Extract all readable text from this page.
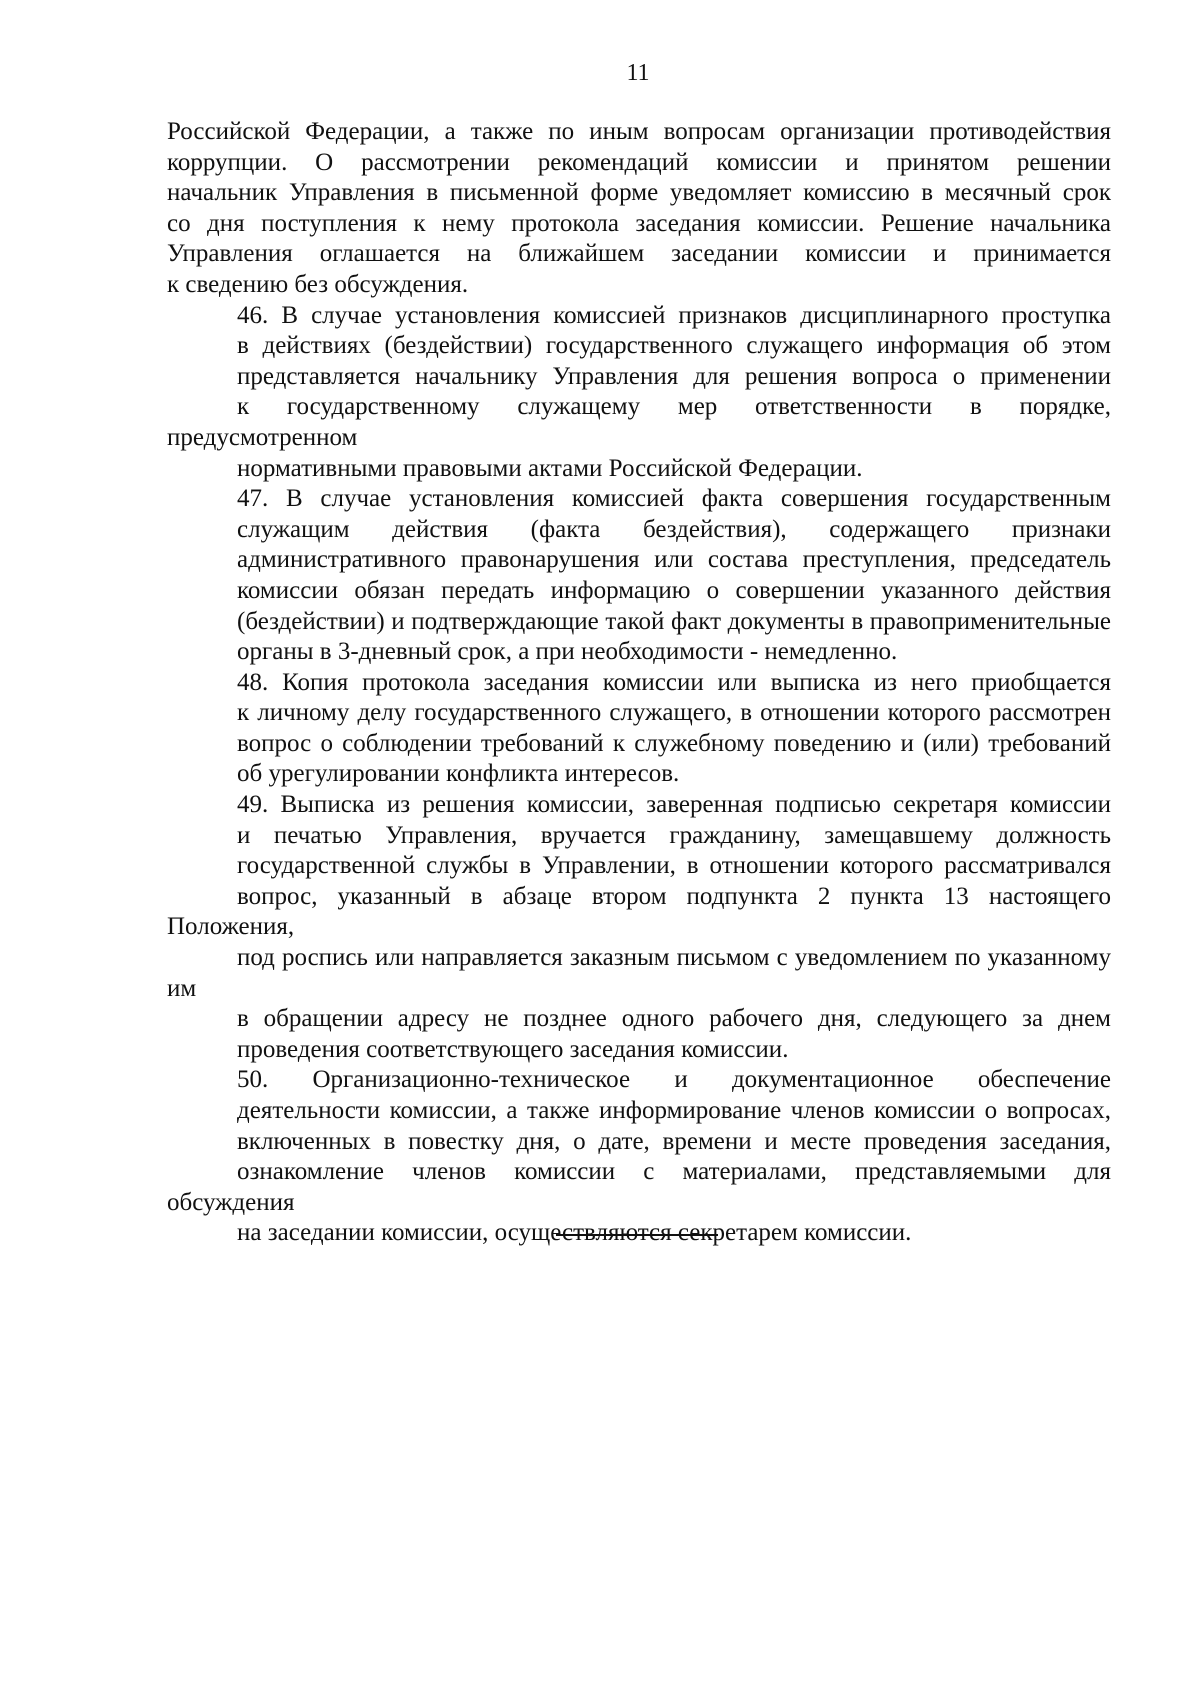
11

Российской Федерации, а также по иным вопросам организации противодействия
коррупции. О рассмотрении рекомендаций комиссии и принятом решении
начальник Управления в письменной форме уведомляет комиссию в месячный срок
со дня поступления к нему протокола заседания комиссии. Решение начальника
Управления оглашается на ближайшем заседании комиссии и принимается
к сведению без обсуждения.

46. В случае установления комиссией признаков дисциплинарного проступка
в действиях (бездействии) государственного служащего информация об этом
представляется начальнику Управления для решения вопроса о применении
к государственному служащему мер ответственности в порядке, предусмотренном
нормативными правовыми актами Российской Федерации.

47. В случае установления комиссией факта совершения государственным
служащим действия (факта бездействия), содержащего признаки
административного правонарушения или состава преступления, председатель
комиссии обязан передать информацию о совершении указанного действия
(бездействии) и подтверждающие такой факт документы в правоприменительные
органы в 3-дневный срок, а при необходимости - немедленно.

48. Копия протокола заседания комиссии или выписка из него приобщается
к личному делу государственного служащего, в отношении которого рассмотрен
вопрос о соблюдении требований к служебному поведению и (или) требований
об урегулировании конфликта интересов.

49. Выписка из решения комиссии, заверенная подписью секретаря комиссии
и печатью Управления, вручается гражданину, замещавшему должность
государственной службы в Управлении, в отношении которого рассматривался
вопрос, указанный в абзаце втором подпункта 2 пункта 13 настоящего Положения,
под роспись или направляется заказным письмом с уведомлением по указанному им
в обращении адресу не позднее одного рабочего дня, следующего за днем
проведения соответствующего заседания комиссии.

50. Организационно-техническое и документационное обеспечение
деятельности комиссии, а также информирование членов комиссии о вопросах,
включенных в повестку дня, о дате, времени и месте проведения заседания,
ознакомление членов комиссии с материалами, представляемыми для обсуждения
на заседании комиссии, осуществляются секретарем комиссии.
